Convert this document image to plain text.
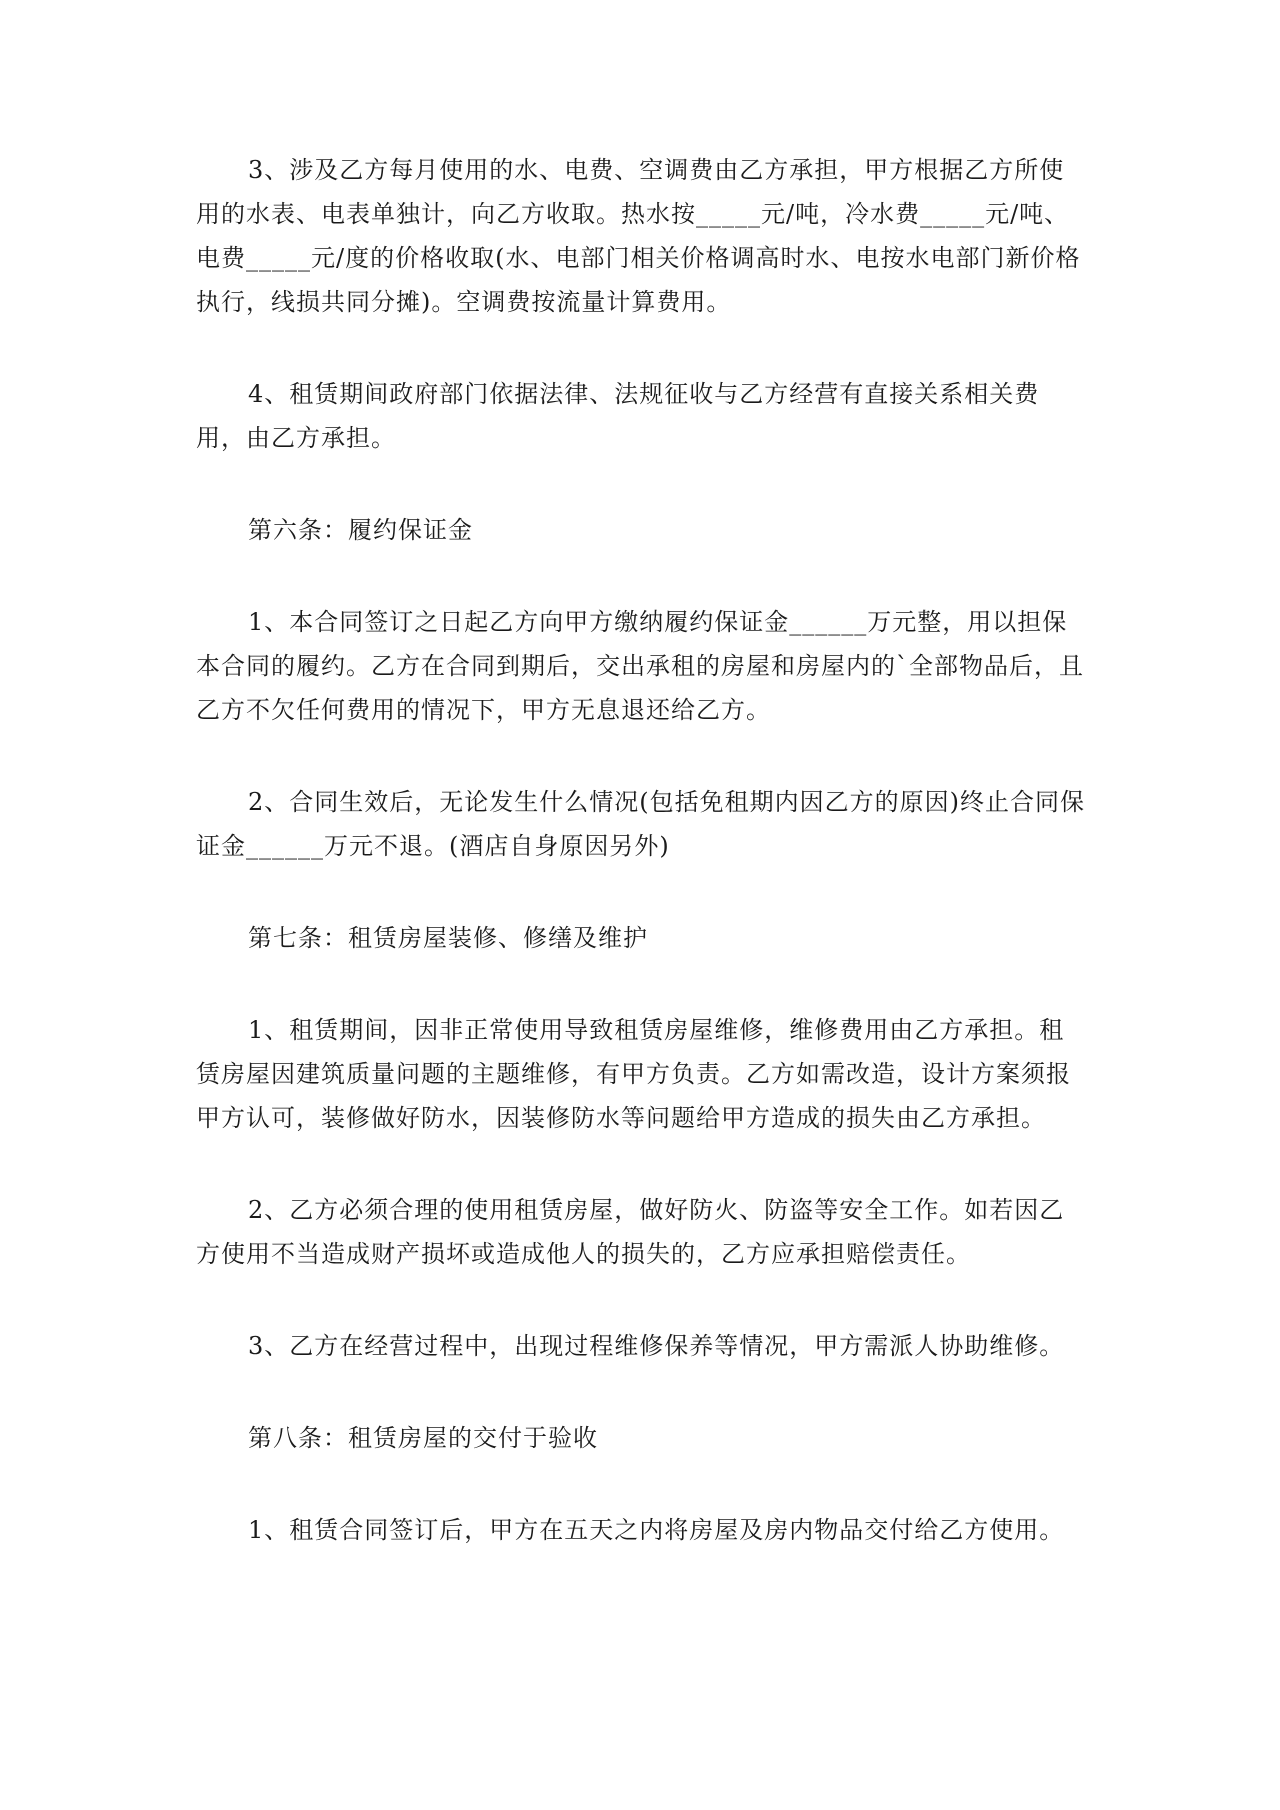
3、涉及乙方每月使用的水、电费、空调费由乙方承担，甲方根据乙方所使用的水表、电表单独计，向乙方收取。热水按_____元/吨，冷水费_____元/吨、电费_____元/度的价格收取(水、电部门相关价格调高时水、电按水电部门新价格执行，线损共同分摊)。空调费按流量计算费用。

4、租赁期间政府部门依据法律、法规征收与乙方经营有直接关系相关费用，由乙方承担。

第六条：履约保证金

1、本合同签订之日起乙方向甲方缴纳履约保证金______万元整，用以担保本合同的履约。乙方在合同到期后，交出承租的房屋和房屋内的`全部物品后，且乙方不欠任何费用的情况下，甲方无息退还给乙方。

2、合同生效后，无论发生什么情况(包括免租期内因乙方的原因)终止合同保证金______万元不退。(酒店自身原因另外)

第七条：租赁房屋装修、修缮及维护

1、租赁期间，因非正常使用导致租赁房屋维修，维修费用由乙方承担。租赁房屋因建筑质量问题的主题维修，有甲方负责。乙方如需改造，设计方案须报甲方认可，装修做好防水，因装修防水等问题给甲方造成的损失由乙方承担。

2、乙方必须合理的使用租赁房屋，做好防火、防盗等安全工作。如若因乙方使用不当造成财产损坏或造成他人的损失的，乙方应承担赔偿责任。

3、乙方在经营过程中，出现过程维修保养等情况，甲方需派人协助维修。

第八条：租赁房屋的交付于验收

1、租赁合同签订后，甲方在五天之内将房屋及房内物品交付给乙方使用。
